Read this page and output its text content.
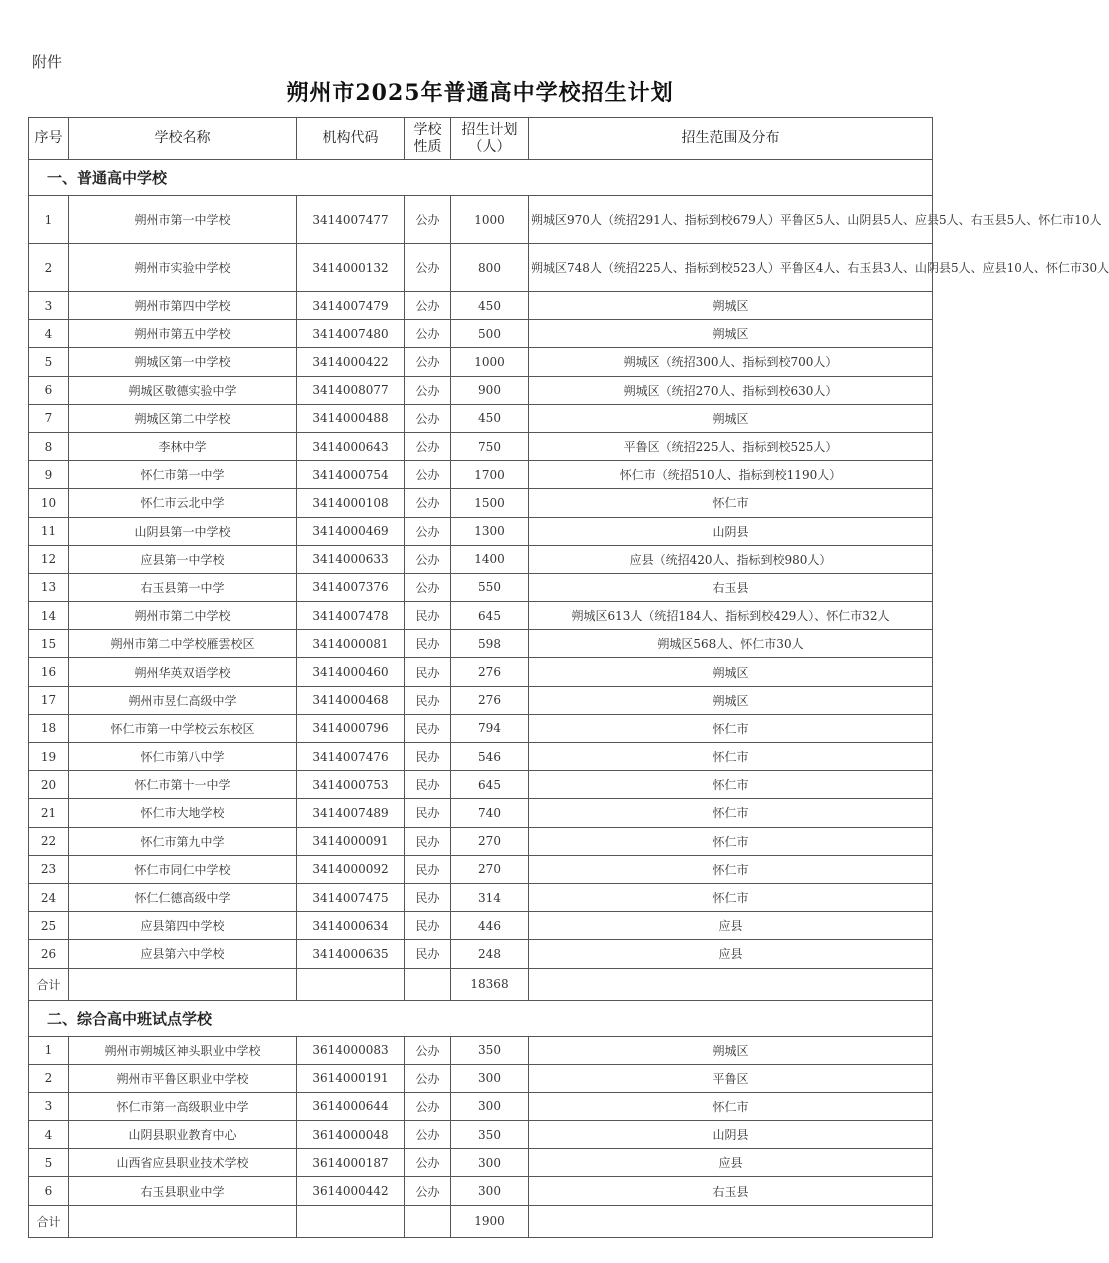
附件
朔州市2025年普通高中学校招生计划
序号	学校名称	机构代码	学校性质	招生计划（人）	招生范围及分布
一、普通高中学校					
1	朔州市第一中学校	3414007477	公办	1000	朔城区970人（统招291人、指标到校679人）平鲁区5人、山阴县5人、应县5人、右玉县5人、怀仁市10人
2	朔州市实验中学校	3414000132	公办	800	朔城区748人（统招225人、指标到校523人）平鲁区4人、右玉县3人、山阴县5人、应县10人、怀仁市30人
3	朔州市第四中学校	3414007479	公办	450	朔城区
4	朔州市第五中学校	3414007480	公办	500	朔城区
5	朔城区第一中学校	3414000422	公办	1000	朔城区（统招300人、指标到校700人）
6	朔城区敬德实验中学	3414008077	公办	900	朔城区（统招270人、指标到校630人）
7	朔城区第二中学校	3414000488	公办	450	朔城区
8	李林中学	3414000643	公办	750	平鲁区（统招225人、指标到校525人）
9	怀仁市第一中学	3414000754	公办	1700	怀仁市（统招510人、指标到校1190人）
10	怀仁市云北中学	3414000108	公办	1500	怀仁市
11	山阴县第一中学校	3414000469	公办	1300	山阴县
12	应县第一中学校	3414000633	公办	1400	应县（统招420人、指标到校980人）
13	右玉县第一中学	3414007376	公办	550	右玉县
14	朔州市第二中学校	3414007478	民办	645	朔城区613人（统招184人、指标到校429人）、怀仁市32人
15	朔州市第二中学校雁雲校区	3414000081	民办	598	朔城区568人、怀仁市30人
16	朔州华英双语学校	3414000460	民办	276	朔城区
17	朔州市昱仁高级中学	3414000468	民办	276	朔城区
18	怀仁市第一中学校云东校区	3414000796	民办	794	怀仁市
19	怀仁市第八中学	3414007476	民办	546	怀仁市
20	怀仁市第十一中学	3414000753	民办	645	怀仁市
21	怀仁市大地学校	3414007489	民办	740	怀仁市
22	怀仁市第九中学	3414000091	民办	270	怀仁市
23	怀仁市同仁中学校	3414000092	民办	270	怀仁市
24	怀仁仁德高级中学	3414007475	民办	314	怀仁市
25	应县第四中学校	3414000634	民办	446	应县
26	应县第六中学校	3414000635	民办	248	应县
合计				18368	
二、综合高中班试点学校					
1	朔州市朔城区神头职业中学校	3614000083	公办	350	朔城区
2	朔州市平鲁区职业中学校	3614000191	公办	300	平鲁区
3	怀仁市第一高级职业中学	3614000644	公办	300	怀仁市
4	山阴县职业教育中心	3614000048	公办	350	山阴县
5	山西省应县职业技术学校	3614000187	公办	300	应县
6	右玉县职业中学	3614000442	公办	300	右玉县
合计				1900	
